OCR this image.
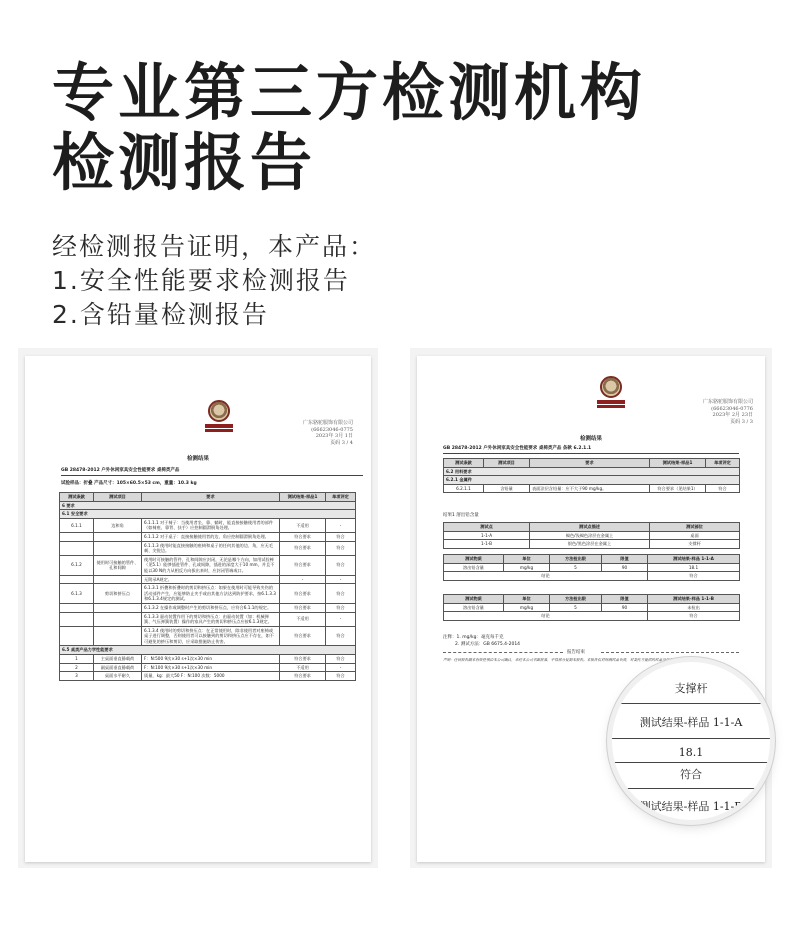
专业第三方检测机构
检测报告
经检测报告证明，本产品：
1.安全性能要求检测报告
2.含铅量检测报告
广东骆驼服饰有限公司
(66623046-0775
2023年 3月 1日
页码 3 / 4
检测结果
GB 28478-2012 户外休闲家具安全性能要求 桌椅类产品
试验样品：折叠 产品尺寸：105×60.5×53 cm，重量：10.3 kg
测试条款	测试项目	要求	测试结果-样品1	单项评定
6 要求				
6.1 安全要求				
6.1.1	边和角	6.1.1.1 对于椅子：当使用者坐、靠、躺时，能直接接触使用者的部件（如椅座、靠背、扶手）应控制圆滑倒角处理。	不适用	-
		6.1.1.2 对于桌子：直接接触使用者的边、角应控制圆滑倒角处理。	符合要求	符合
		6.1.1.3 使用时能直接接触的座椅和桌子的任何其他的边、角，应无毛刺、尖锐边。	符合要求	符合
6.1.2	使用时可接触的管件、孔和间隙	使用时可接触的管件、孔和间隙应封闭，无论是哪个方向，如用试验棒（见5.1）能够插进管件、孔或间隙，插进的深度大于10 mm，并且不能以30 N的力从相反方向拔出来时，应封闭管端或口。	符合要求	符合
		无附录A规定。	-	-
6.1.3	剪切和挤压点	6.1.3.1 折叠和折叠时的剪切和挤压点：如果在使用时可能导致夹伤的活动部件产生，应能够防止夹手或由其他方法达到防护要求，按6.1.3.3和6.1.3.4规定的测试。	符合要求	符合
		6.1.3.2 在操作或调整时产生的剪切和挤压点，应符合6.1.1的规定。	符合要求	符合
		6.1.3.3 驱动装置作用下的剪切和挤压点：由驱动装置（如：机械弹簧、气压弹簧装置）操作的家具产生的剪切和挤压点应按6.1.3规定。	不适用	-
		6.1.3.4 使用时的剪切和挤压点：在正常使用时，除非使用者对座椅或桌子进行调整，否则使用者可以接触到的剪切和挤压点应不存在，如不可避免的挤压和剪切，应采取措施防止伤害。	符合要求	符合
6.5 桌类产品力学性能要求				
1	主桌面垂直静载荷	F：N:500 9次×30 s+1次×30 min	符合要求	符合
2	副桌面垂直静载荷	F：N:100 9次×30 s+1次×30 min	不适用	-
3	桌面水平耐久	质量，kg：最大50 F：N:100 次数：5000	符合要求	符合
广东骆驼服饰有限公司
(66623046-0776
2023年 2月 23日
页码 3 / 3
检测结果
GB 28478-2012 户外休闲家具安全性能要求 桌椅类产品 条款 6.2.1.1
测试条款	测试项目	要求	测试结果-样品1	单项评定
6.2 用料要求				
6.2.1 金属件				
6.2.1.1	含铅量	表面涂层含铅量：应不大于90 mg/kg。	符合要求（见结果1）	符合
结果1 溶出铅含量
测试点	测试点描述	测试部位
1-1-A	褐色/浅褐色涂层在金属上	桌面
1-1-B	银色/黑色涂层在金属上	支撑杆
测试物质	单位	方法检出限	限值	测试结果-样品 1-1-A
溶出铅含量	mg/kg	5	90	18.1
结论				符合
测试物质	单位	方法检出限	限值	测试结果-样品 1-1-B
溶出铅含量	mg/kg	5	90	未检出
结论				符合
注释：1. mg/kg：毫克每千克
2. 测试方法：GB 6675.4-2014
报告结束
声明：任何报告副本有效性须由本公司确认，未经本公司书面批准，不得部分复制本报告。本报告仅对所测样品负责，对委托方提供的样品及信息的真实性不承担责任。
支撑杆
测试结果-样品 1-1-A
18.1
符合
测试结果-样品 1-1-B
